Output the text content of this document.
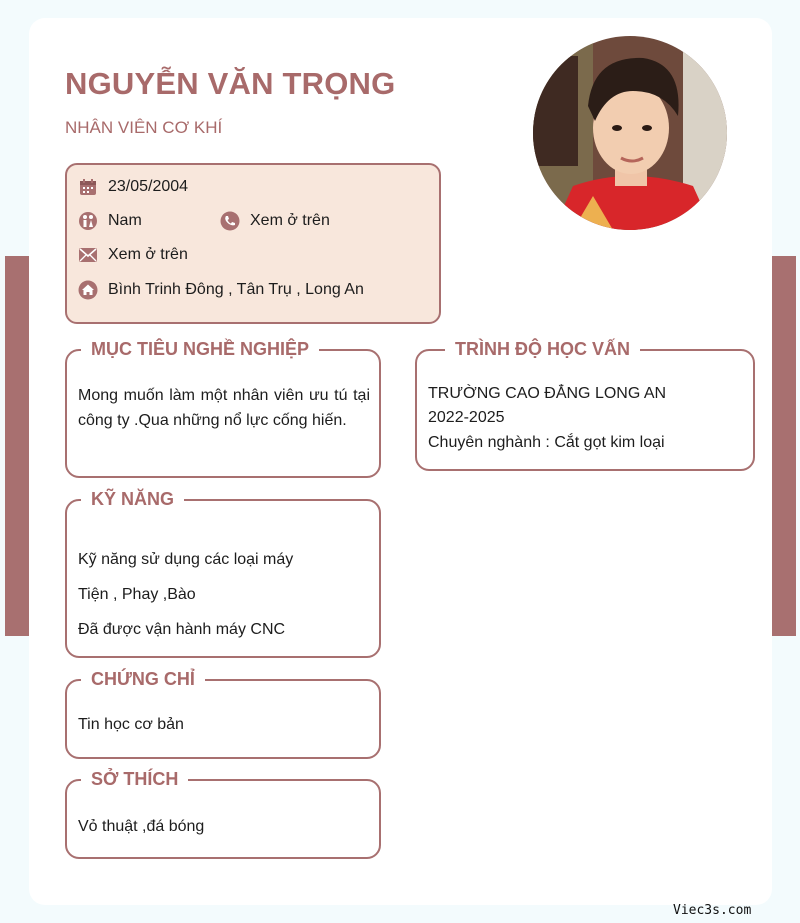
NGUYỄN VĂN TRỌNG
NHÂN VIÊN CƠ KHÍ
23/05/2004
Nam	Xem ở trên
Xem ở trên
Bình Trinh Đông , Tân Trụ , Long An
MỤC TIÊU NGHỀ NGHIỆP
Mong muốn làm một nhân viên ưu tú tại công ty .Qua những nổ lực cống hiến.
TRÌNH ĐỘ HỌC VẤN
TRƯỜNG CAO ĐẲNG LONG AN
2022-2025
Chuyên nghành : Cắt gọt kim loại
KỸ NĂNG
Kỹ năng sử dụng các loại máy
Tiện , Phay ,Bào
Đã được vận hành máy CNC
CHỨNG CHỈ
Tin học cơ bản
SỞ THÍCH
Vỏ thuật ,đá bóng
Viec3s.com
